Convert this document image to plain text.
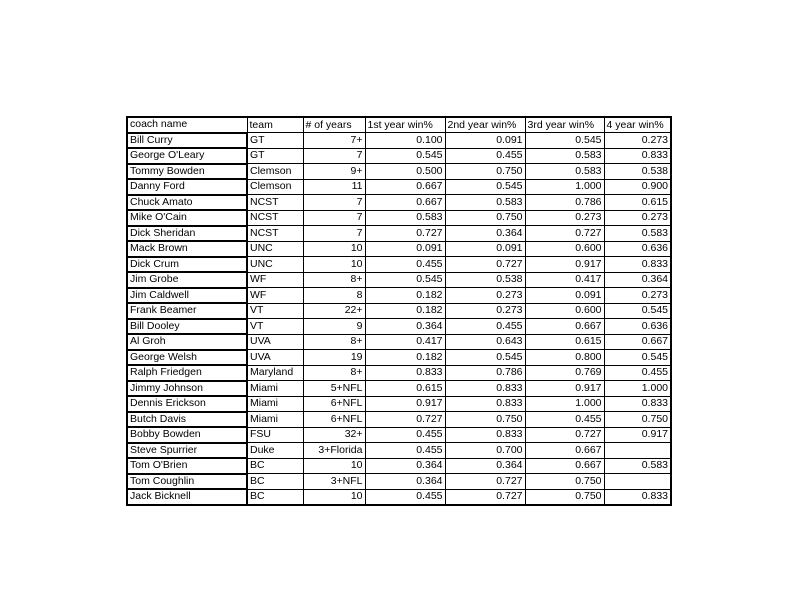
coach name	team	# of years	1st year win%	2nd year win%	3rd year win%	4 year win%
Bill Curry	GT	7+	0.100	0.091	0.545	0.273
George O'Leary	GT	7	0.545	0.455	0.583	0.833
Tommy Bowden	Clemson	9+	0.500	0.750	0.583	0.538
Danny Ford	Clemson	11	0.667	0.545	1.000	0.900
Chuck Amato	NCST	7	0.667	0.583	0.786	0.615
Mike O'Cain	NCST	7	0.583	0.750	0.273	0.273
Dick Sheridan	NCST	7	0.727	0.364	0.727	0.583
Mack Brown	UNC	10	0.091	0.091	0.600	0.636
Dick Crum	UNC	10	0.455	0.727	0.917	0.833
Jim Grobe	WF	8+	0.545	0.538	0.417	0.364
Jim Caldwell	WF	8	0.182	0.273	0.091	0.273
Frank Beamer	VT	22+	0.182	0.273	0.600	0.545
Bill Dooley	VT	9	0.364	0.455	0.667	0.636
Al Groh	UVA	8+	0.417	0.643	0.615	0.667
George Welsh	UVA	19	0.182	0.545	0.800	0.545
Ralph Friedgen	Maryland	8+	0.833	0.786	0.769	0.455
Jimmy Johnson	Miami	5+NFL	0.615	0.833	0.917	1.000
Dennis Erickson	Miami	6+NFL	0.917	0.833	1.000	0.833
Butch Davis	Miami	6+NFL	0.727	0.750	0.455	0.750
Bobby Bowden	FSU	32+	0.455	0.833	0.727	0.917
Steve Spurrier	Duke	3+Florida	0.455	0.700	0.667	
Tom O'Brien	BC	10	0.364	0.364	0.667	0.583
Tom Coughlin	BC	3+NFL	0.364	0.727	0.750	
Jack Bicknell	BC	10	0.455	0.727	0.750	0.833
